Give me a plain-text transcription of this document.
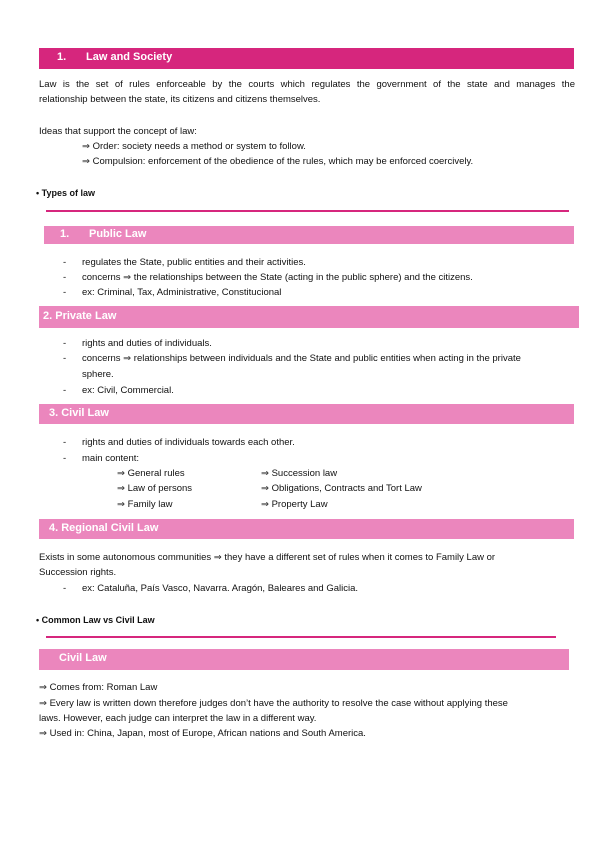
1. Law and Society
Law is the set of rules enforceable by the courts which regulates the government of the state and manages the
relationship between the state, its citizens and citizens themselves.
Ideas that support the concept of law:
⇒ Order: society needs a method or system to follow.
⇒ Compulsion: enforcement of the obedience of the rules, which may be enforced coercively.
• Types of law
1. Public Law
- regulates the State, public entities and their activities.
- concerns ⇒ the relationships between the State (acting in the public sphere) and the citizens.
- ex: Criminal, Tax, Administrative, Constitucional
2. Private Law
- rights and duties of individuals.
- concerns ⇒ relationships between individuals and the State and public entities when acting in the private
sphere.
- ex: Civil, Commercial.
3. Civil Law
- rights and duties of individuals towards each other.
- main content:
⇒ General rules
⇒ Law of persons
⇒ Family law
⇒ Succession law
⇒ Obligations, Contracts and Tort Law
⇒ Property Law
4. Regional Civil Law
Exists in some autonomous communities ⇒ they have a different set of rules when it comes to Family Law or
Succession rights.
- ex: Cataluña, País Vasco, Navarra. Aragón, Baleares and Galicia.
• Common Law vs Civil Law
Civil Law
⇒ Comes from: Roman Law
⇒ Every law is written down therefore judges don’t have the authority to resolve the case without applying these
laws. However, each judge can interpret the law in a different way.
⇒ Used in: China, Japan, most of Europe, African nations and South America.
